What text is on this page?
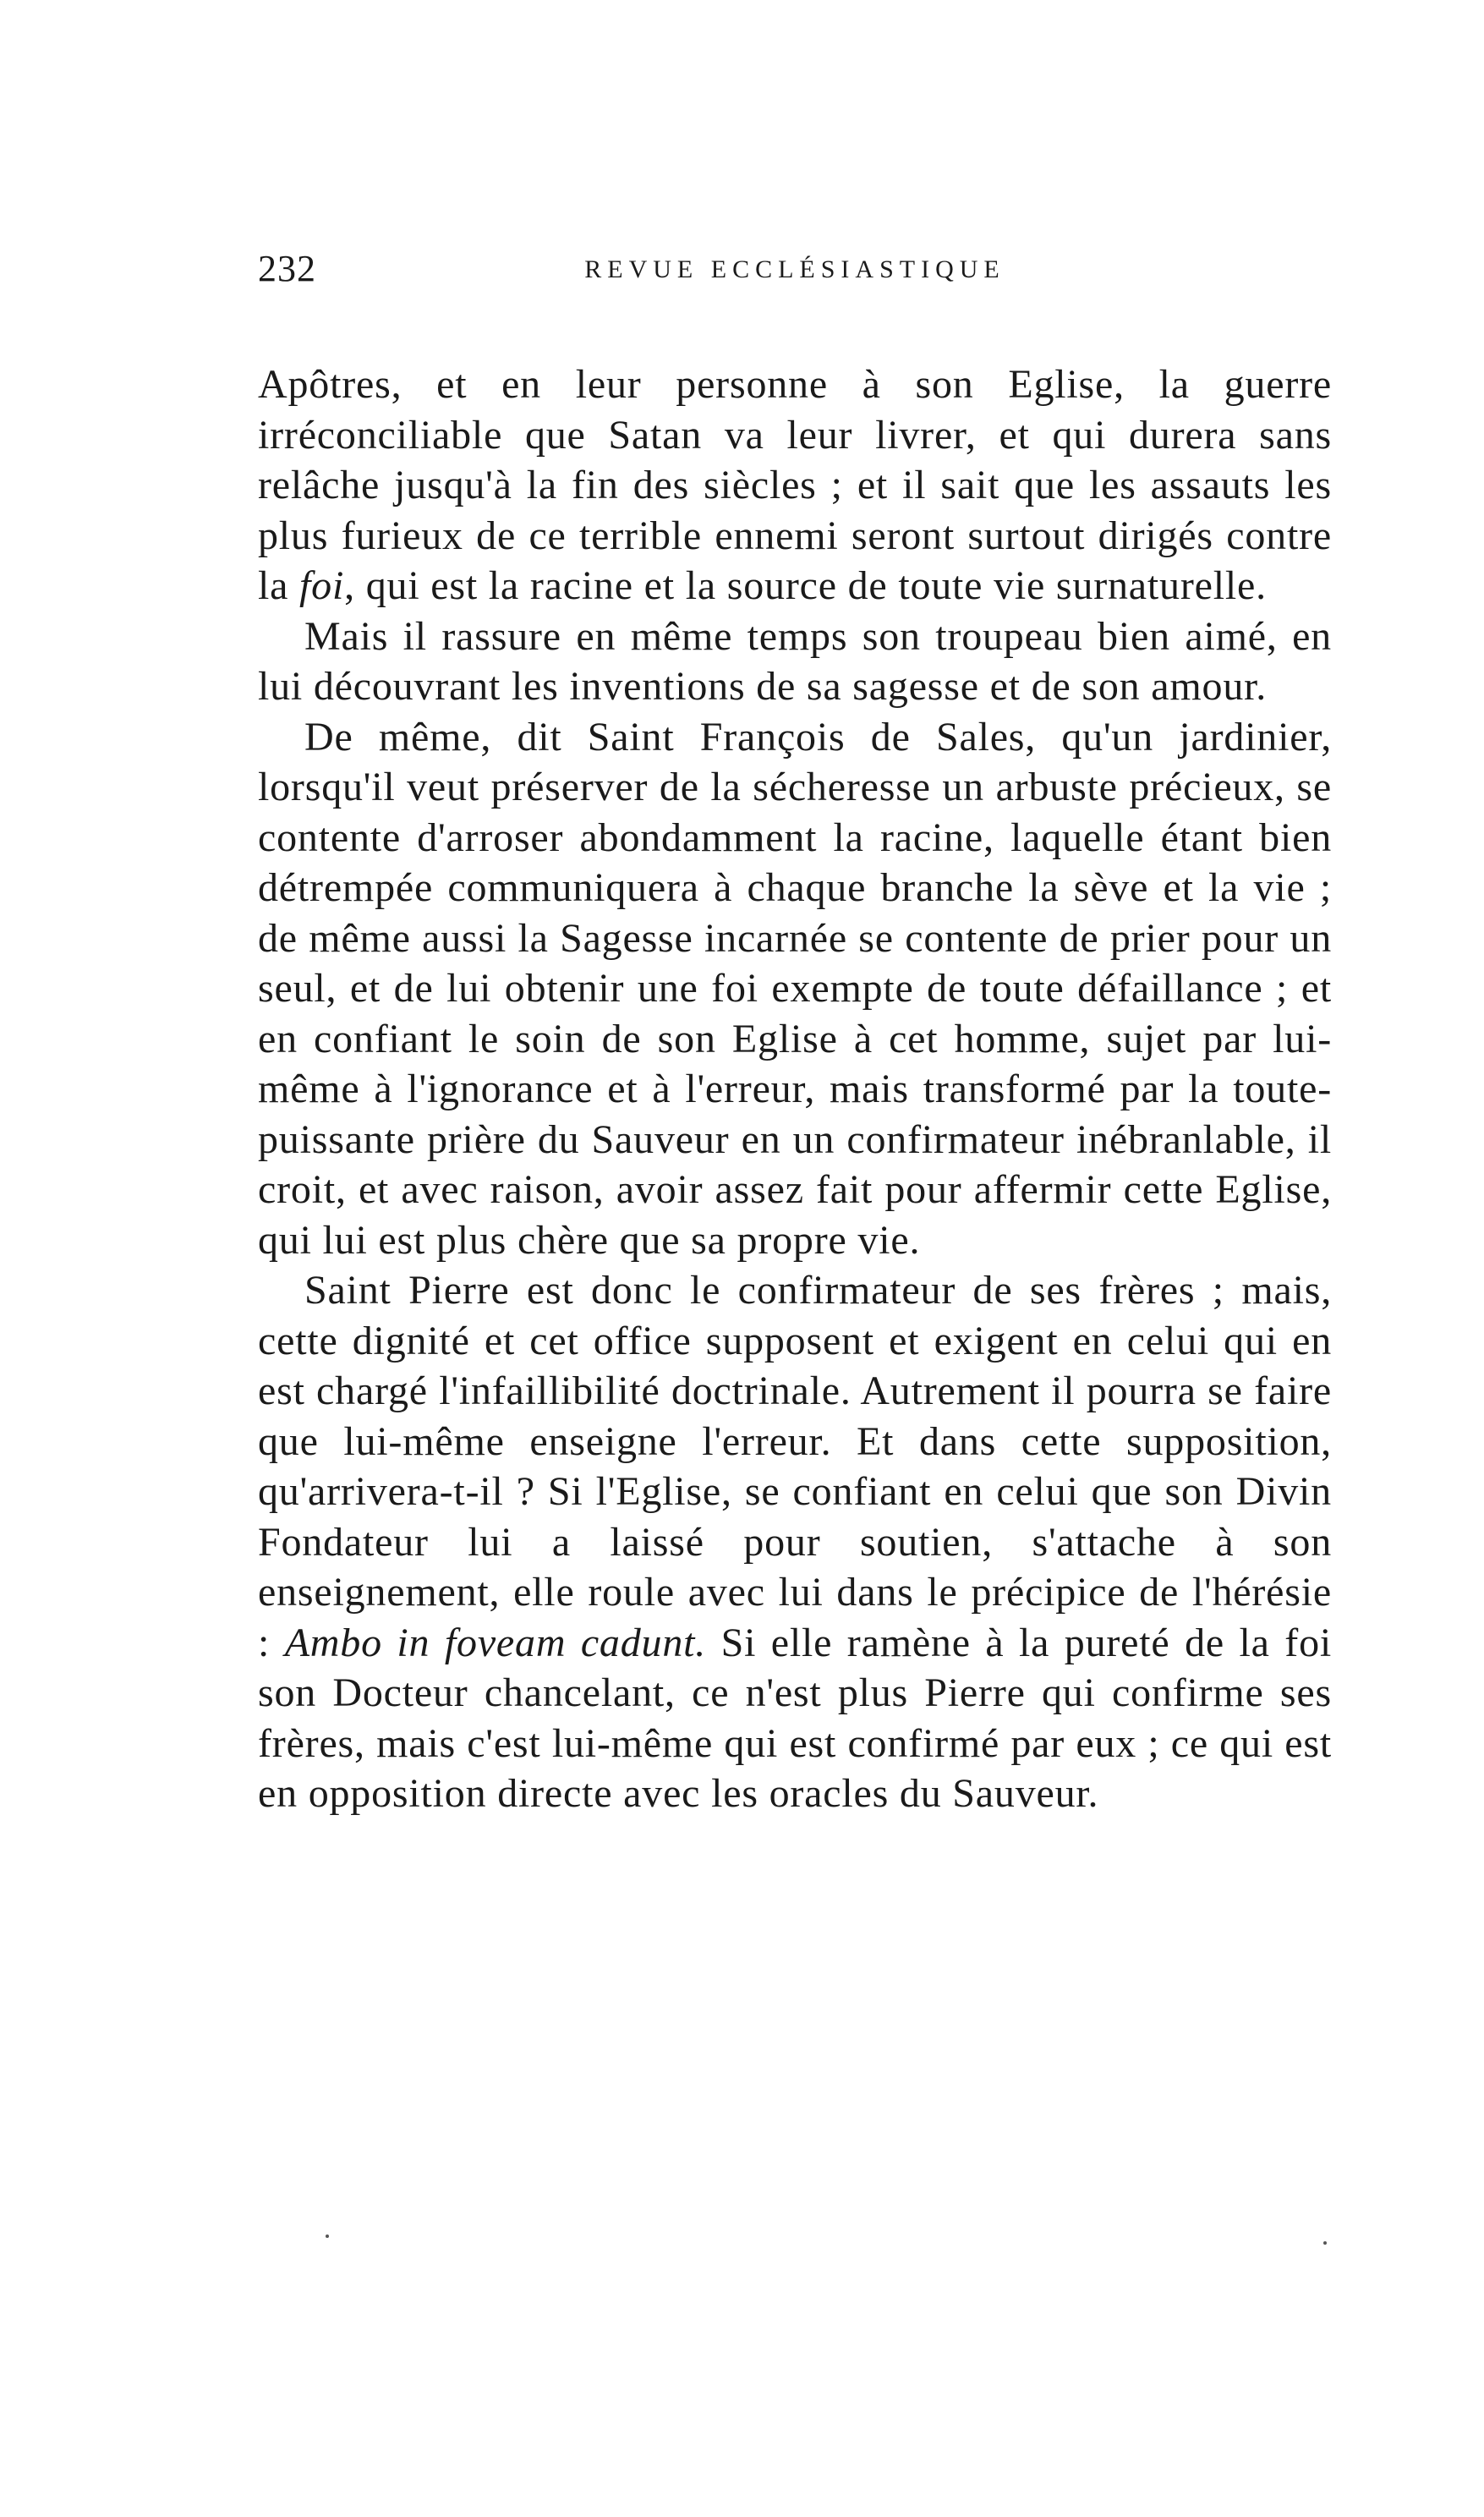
232	REVUE ECCLÉSIASTIQUE

Apôtres, et en leur personne à son Eglise, la guerre irréconciliable que Satan va leur livrer, et qui durera sans relâche jusqu'à la fin des siècles ; et il sait que les assauts les plus furieux de ce terrible ennemi seront surtout dirigés contre la foi, qui est la racine et la source de toute vie surnaturelle.

Mais il rassure en même temps son troupeau bien aimé, en lui découvrant les inventions de sa sagesse et de son amour.

De même, dit Saint François de Sales, qu'un jardinier, lorsqu'il veut préserver de la sécheresse un arbuste précieux, se contente d'arroser abondamment la racine, laquelle étant bien détrempée communiquera à chaque branche la sève et la vie ; de même aussi la Sagesse incarnée se contente de prier pour un seul, et de lui obtenir une foi exempte de toute défaillance ; et en confiant le soin de son Eglise à cet homme, sujet par lui-même à l'ignorance et à l'erreur, mais transformé par la toute-puissante prière du Sauveur en un confirmateur inébranlable, il croit, et avec raison, avoir assez fait pour affermir cette Eglise, qui lui est plus chère que sa propre vie.

Saint Pierre est donc le confirmateur de ses frères ; mais, cette dignité et cet office supposent et exigent en celui qui en est chargé l'infaillibilité doctrinale. Autrement il pourra se faire que lui-même enseigne l'erreur. Et dans cette supposition, qu'arrivera-t-il ? Si l'Eglise, se confiant en celui que son Divin Fondateur lui a laissé pour soutien, s'attache à son enseignement, elle roule avec lui dans le précipice de l'hérésie : Ambo in foveam cadunt. Si elle ramène à la pureté de la foi son Docteur chancelant, ce n'est plus Pierre qui confirme ses frères, mais c'est lui-même qui est confirmé par eux ; ce qui est en opposition directe avec les oracles du Sauveur.
